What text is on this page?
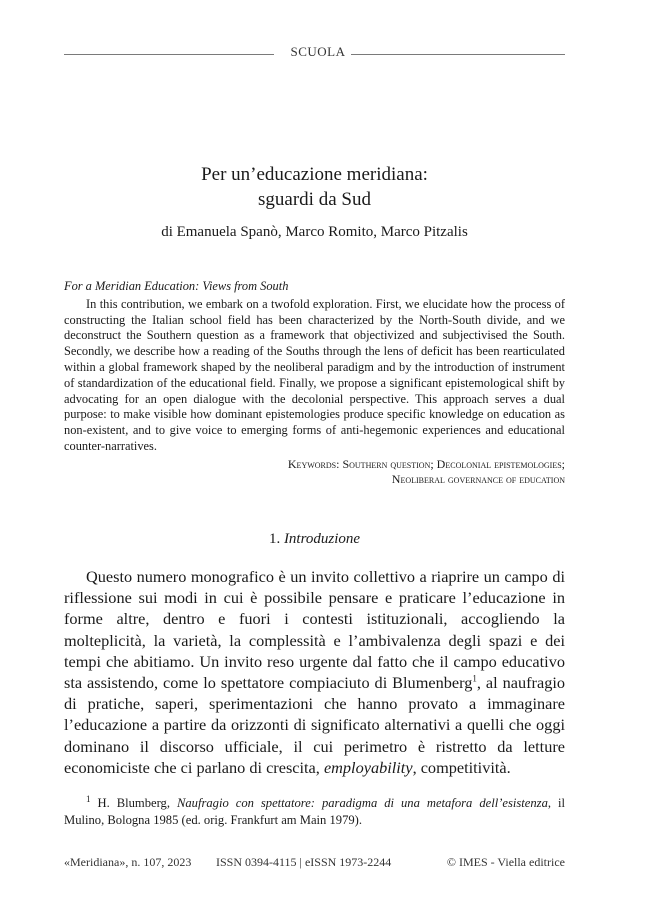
SCUOLA
Per un’educazione meridiana:
sguardi da Sud
di Emanuela Spanò, Marco Romito, Marco Pitzalis

For a Meridian Education: Views from South

In this contribution, we embark on a twofold exploration. First, we elucidate how the process of constructing the Italian school field has been characterized by the North-South divide, and we deconstruct the Southern question as a framework that objectivized and subjectivised the South. Secondly, we describe how a reading of the Souths through the lens of deficit has been rearticulated within a global framework shaped by the neoliberal paradigm and by the introduction of instrument of standardization of the educational field. Finally, we propose a significant epistemological shift by advocating for an open dialogue with the decolonial perspective. This approach serves a dual purpose: to make visible how dominant epistemologies produce specific knowledge on education as non-existent, and to give voice to emerging forms of anti-hegemonic experiences and educational counter-narratives.

Keywords: Southern question; Decolonial epistemologies;
Neoliberal governance of education
1. Introduzione

Questo numero monografico è un invito collettivo a riaprire un campo di riflessione sui modi in cui è possibile pensare e praticare l’educazione in forme altre, dentro e fuori i contesti istituzionali, accogliendo la molteplicità, la varietà, la complessità e l’ambivalenza degli spazi e dei tempi che abitiamo. Un invito reso urgente dal fatto che il campo educativo sta assistendo, come lo spettatore compiaciuto di Blumenberg$^1$, al naufragio di pratiche, saperi, sperimentazioni che hanno provato a immaginare l’educazione a partire da orizzonti di significato alternativi a quelli che oggi dominano il discorso ufficiale, il cui perimetro è ristretto da letture economiciste che ci parlano di crescita, employability, competitività.

$^1$ H. Blumberg, Naufragio con spettatore: paradigma di una metafora dell’esistenza, il Mulino, Bologna 1985 (ed. orig. Frankfurt am Main 1979).

«Meridiana», n. 107, 2023 ISSN 0394-4115 | eISSN 1973-2244	© IMES - Viella editrice
